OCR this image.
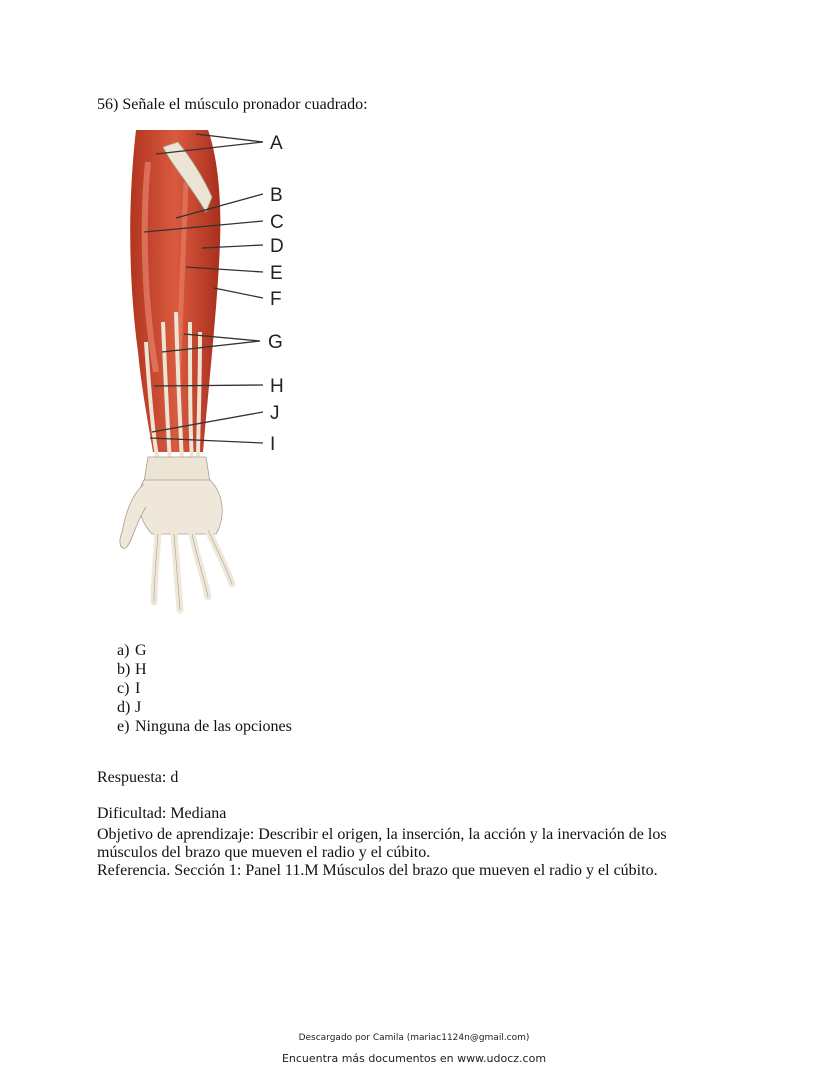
56) Señale el músculo pronador cuadrado:
A
B
C
D
E
F
G
H
J
I
a) G
b) H
c) I
d) J
e) Ninguna de las opciones
Respuesta: d
Dificultad: Mediana
Objetivo de aprendizaje: Describir el origen, la inserción, la acción y la inervación de los
músculos del brazo que mueven el radio y el cúbito.
Referencia. Sección 1: Panel 11.M Músculos del brazo que mueven el radio y el cúbito.
Descargado por Camila (mariac1124n@gmail.com)
Encuentra más documentos en www.udocz.com
